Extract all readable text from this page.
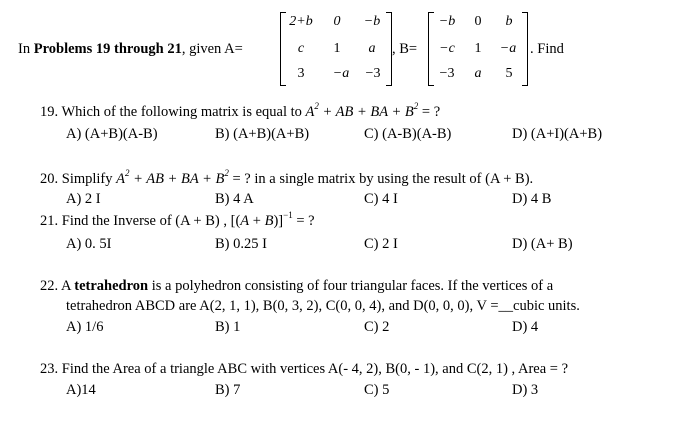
In Problems 19 through 21, given A=
2+b	0	−b
c	1	a
3	−a	−3
, B=
−b	0	b
−c	1	−a
−3	a	5
. Find
19. Which of the following matrix is equal to $A^2$ + AB + BA + $B^2$ = ?
A) (A+B)(A-B)	B) (A+B)(A+B)	C) (A-B)(A-B)	D) (A+I)(A+B)
20. Simplify $A^2$ + AB + BA + $B^2$ = ? in a single matrix by using the result of (A + B).
A) 2 I	B) 4 A	C) 4 I	D) 4 B
21. Find the Inverse of (A + B) , $[(A + B)]^{-1}$ = ?
A) 0. 5I	B) 0.25 I	C) 2 I	D) (A+ B)
22. A tetrahedron is a polyhedron consisting of four triangular faces. If the vertices of a
tetrahedron ABCD are A(2, 1, 1), B(0, 3, 2), C(0, 0, 4), and D(0, 0, 0), V =__cubic units.
A) 1/6	B) 1	C) 2	D) 4
23. Find the Area of a triangle ABC with vertices A(- 4, 2), B(0, - 1), and C(2, 1) , Area = ?
A)14	B) 7	C) 5	D) 3
